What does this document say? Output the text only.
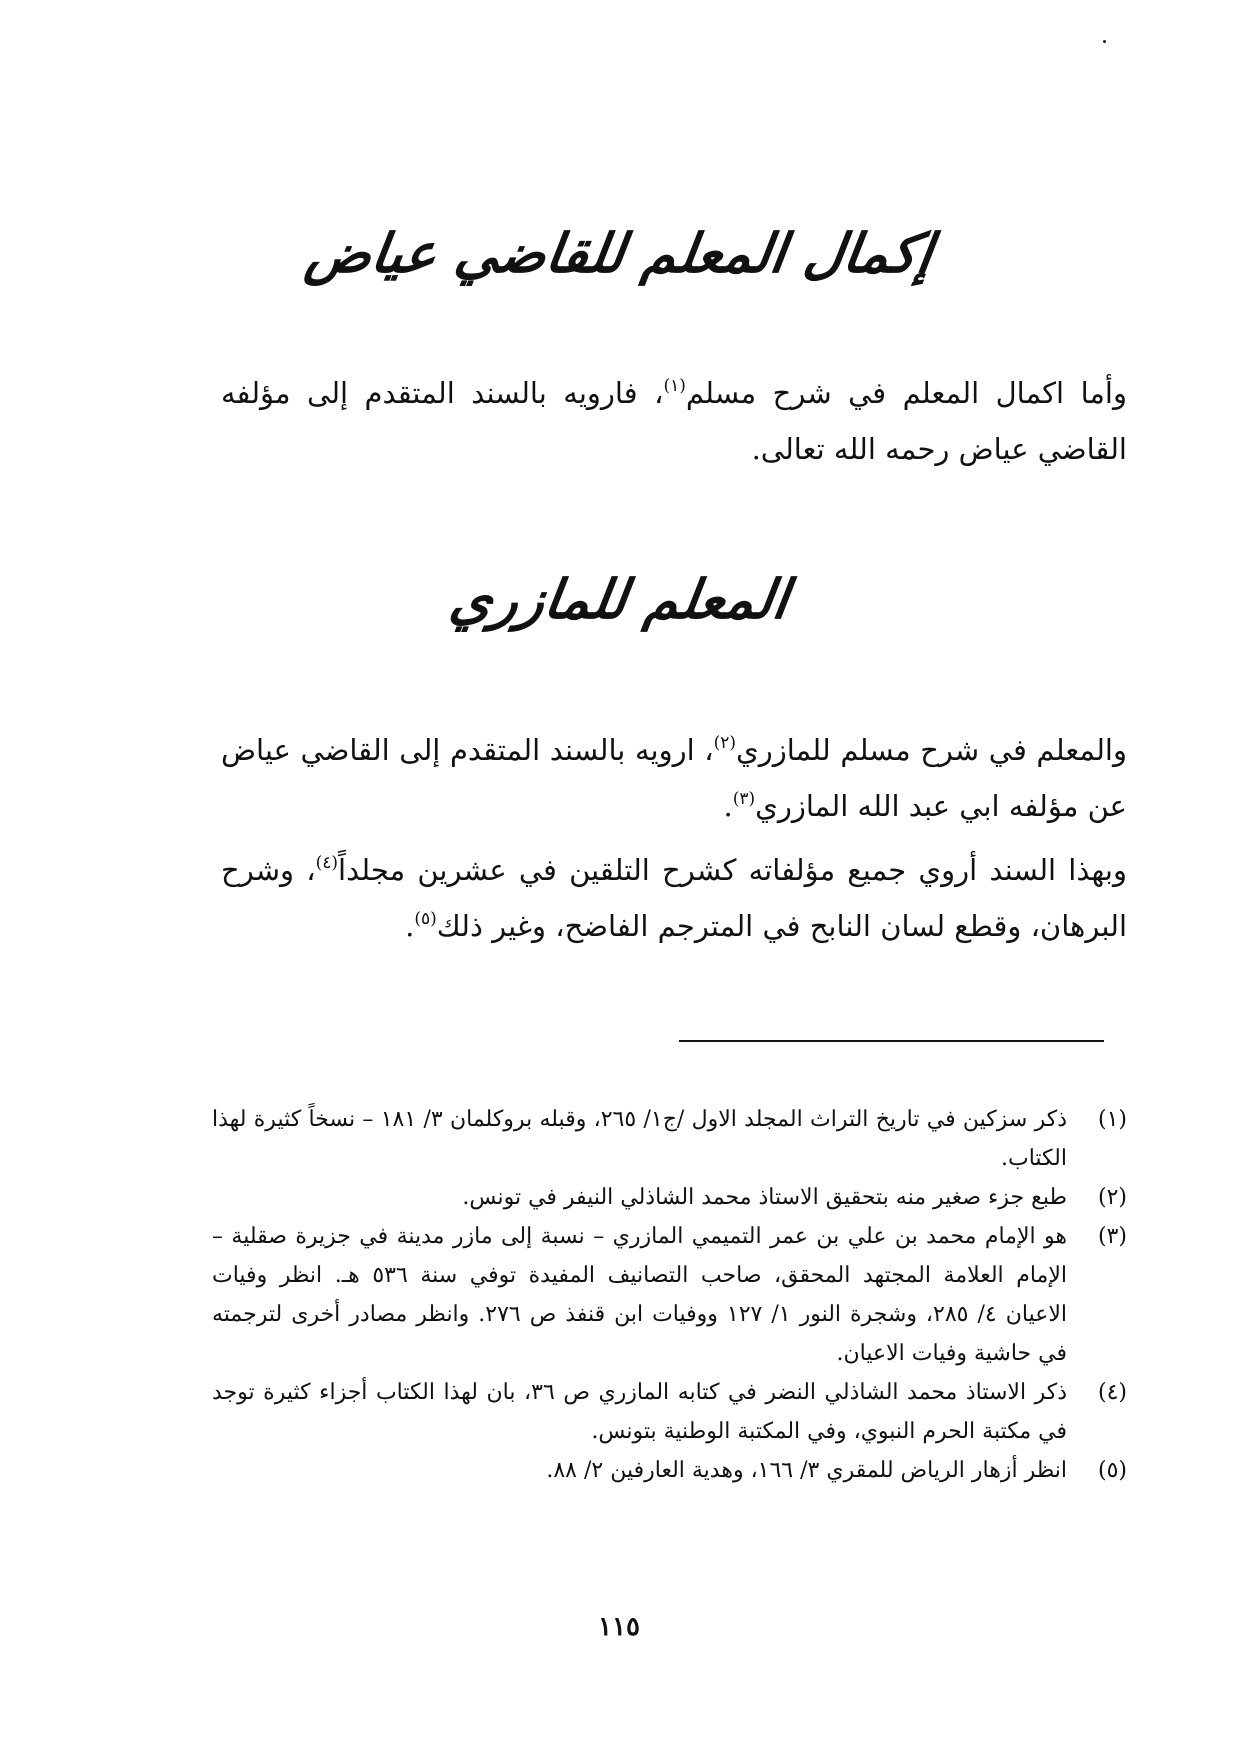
إكمال المعلم للقاضي عياض

وأما اكمال المعلم في شرح مسلم$^{(١)}$، فارويه بالسند المتقدم إلى مؤلفه القاضي عياض رحمه الله تعالى.

المعلم للمازري

والمعلم في شرح مسلم للمازري$^{(٢)}$، ارويه بالسند المتقدم إلى القاضي عياض عن مؤلفه ابي عبد الله المازري$^{(٣)}$.

وبهذا السند أروي جميع مؤلفاته كشرح التلقين في عشرين مجلداً$^{(٤)}$، وشرح البرهان، وقطع لسان النابح في المترجم الفاضح، وغير ذلك$^{(٥)}$.

(١)
ذكر سزكين في تاريخ التراث المجلد الاول /ج١/ ٢٦٥، وقبله بروكلمان ٣/ ١٨١ – نسخاً كثيرة لهذا الكتاب.
(٢)
طبع جزء صغير منه بتحقيق الاستاذ محمد الشاذلي النيفر في تونس.
(٣)
هو الإمام محمد بن علي بن عمر التميمي المازري – نسبة إلى مازر مدينة في جزيرة صقلية – الإمام العلامة المجتهد المحقق، صاحب التصانيف المفيدة توفي سنة ٥٣٦ هـ. انظر وفيات الاعيان ٤/ ٢٨٥، وشجرة النور ١/ ١٢٧ ووفيات ابن قنفذ ص ٢٧٦. وانظر مصادر أخرى لترجمته في حاشية وفيات الاعيان.
(٤)
ذكر الاستاذ محمد الشاذلي النضر في كتابه المازري ص ٣٦، بان لهذا الكتاب أجزاء كثيرة توجد في مكتبة الحرم النبوي، وفي المكتبة الوطنية بتونس.
(٥)
انظر أزهار الرياض للمقري ٣/ ١٦٦، وهدية العارفين ٢/ ٨٨.
١١٥
